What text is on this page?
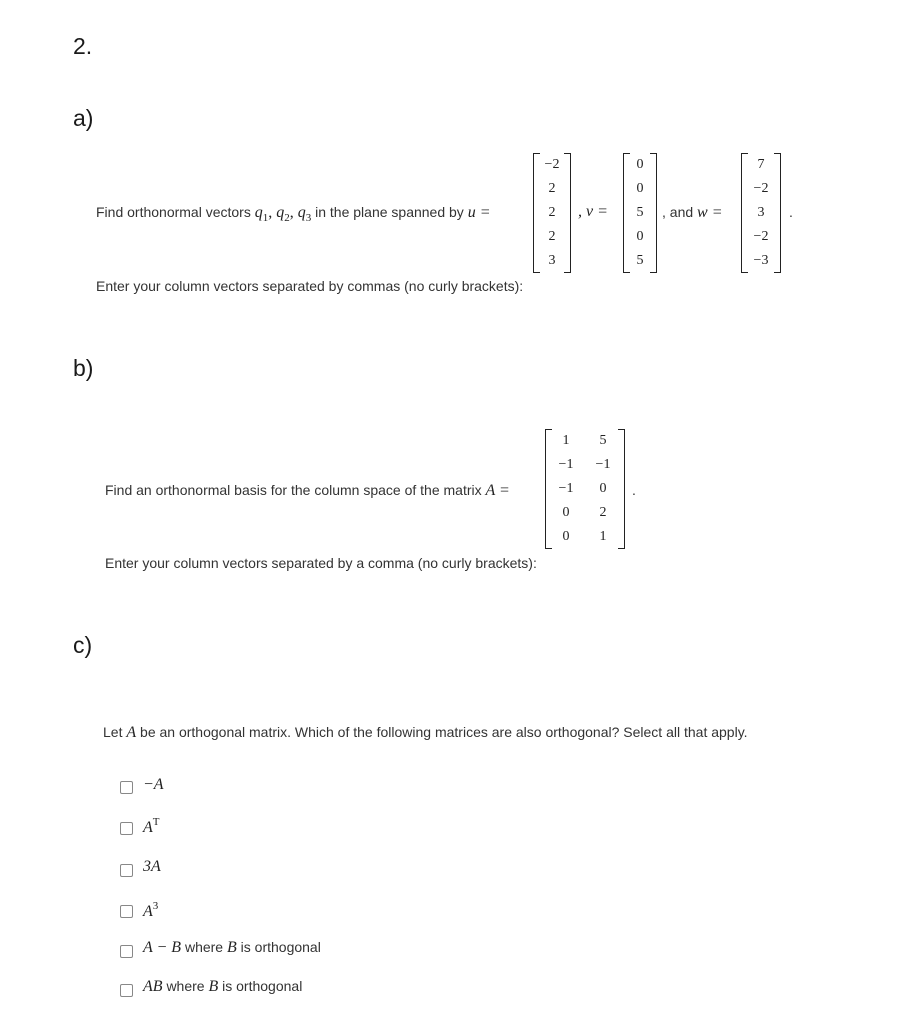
2.
a)
Find orthonormal vectors $q_1$, $q_2$, $q_3$ in the plane spanned by u =
−2
2
2
2
3
, v =
0
0
5
0
5
, and w =
7
−2
3
−2
−3
.
Enter your column vectors separated by commas (no curly brackets):
b)
Find an orthonormal basis for the column space of the matrix A =
1
−1
−1
0
0
5
−1
0
2
1
.
Enter your column vectors separated by a comma (no curly brackets):
c)
Let A be an orthogonal matrix. Which of the following matrices are also orthogonal? Select all that apply.
−A
$A^T$
3A
$A^3$
A − B where B is orthogonal
AB where B is orthogonal
